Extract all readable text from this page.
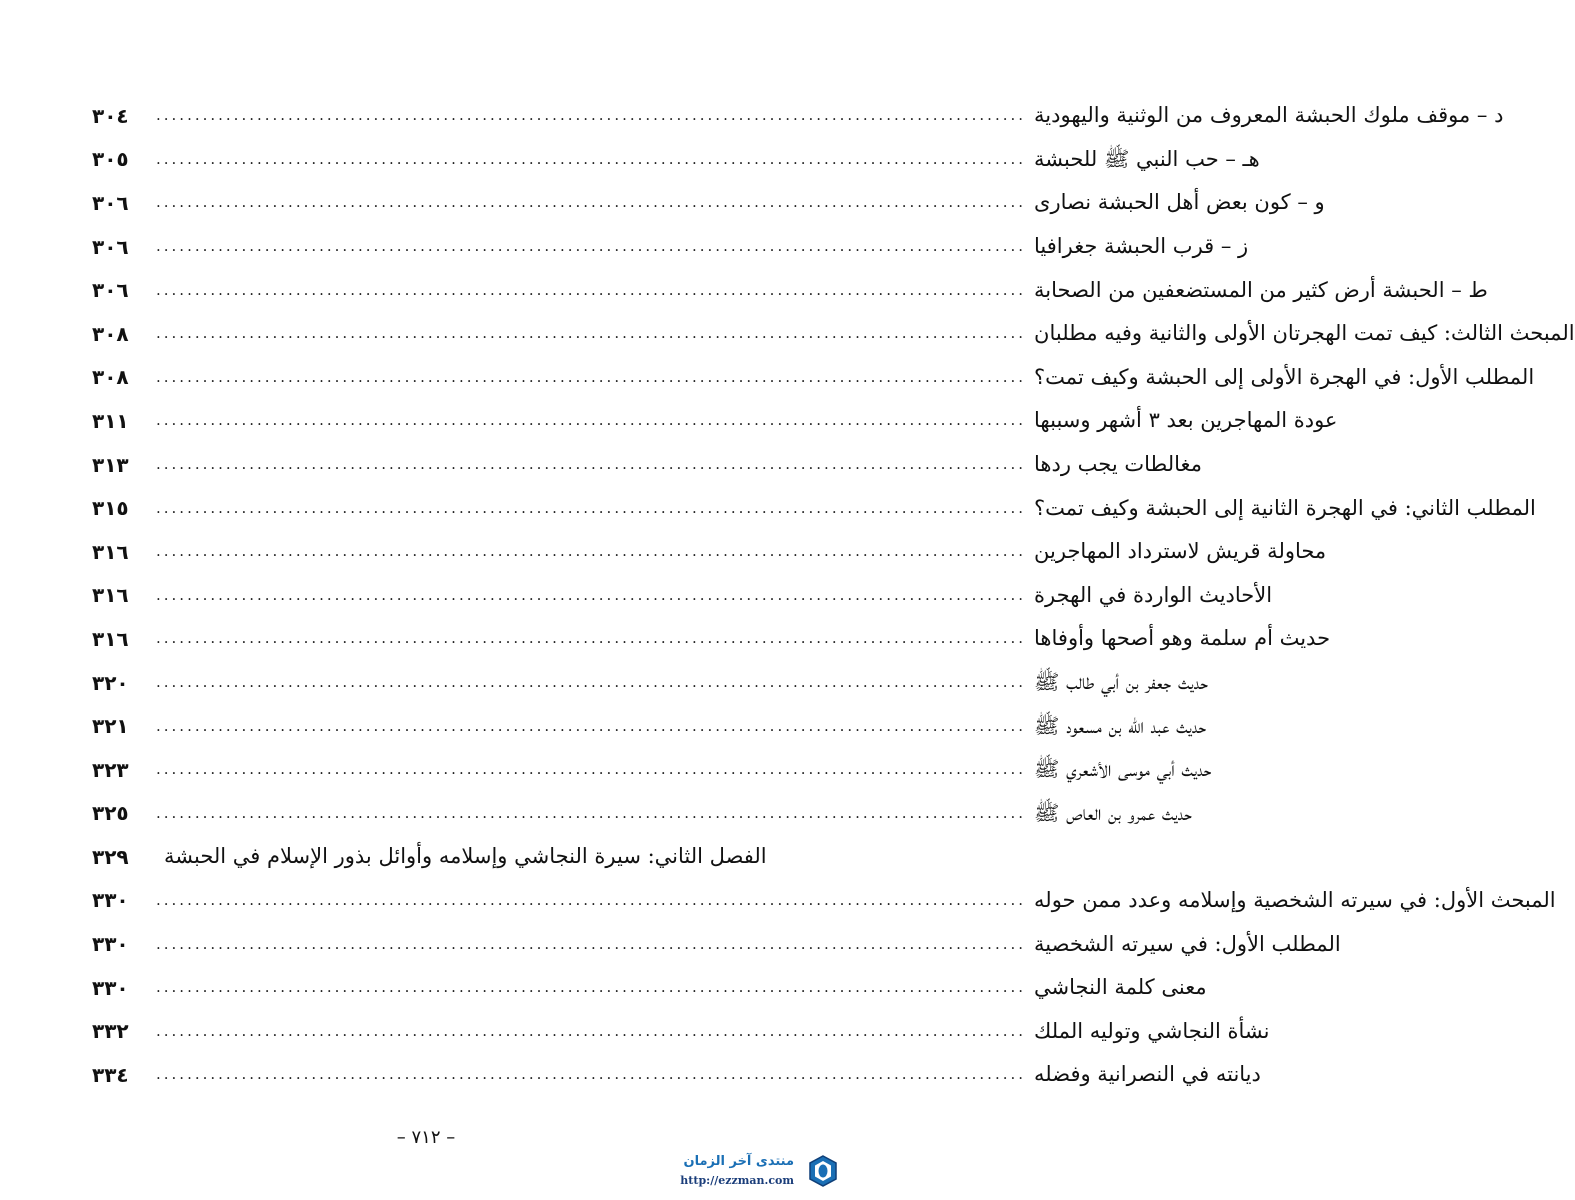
٣٠٤	................................................................................................................ د – موقف ملوك الحبشة المعروف من الوثنية واليهودية
٣٠٥	................................................................................................................ هـ – حب النبي ﷺ للحبشة
٣٠٦	................................................................................................................ و – كون بعض أهل الحبشة نصارى
٣٠٦	................................................................................................................ ز – قرب الحبشة جغرافيا
٣٠٦	................................................................................................................ ط – الحبشة أرض كثير من المستضعفين من الصحابة
٣٠٨	................................................................................................................ المبحث الثالث: كيف تمت الهجرتان الأولى والثانية وفيه مطلبان
٣٠٨	................................................................................................................ المطلب الأول: في الهجرة الأولى إلى الحبشة وكيف تمت؟
٣١١	................................................................................................................ عودة المهاجرين بعد ٣ أشهر وسببها
٣١٣	................................................................................................................ مغالطات يجب ردها
٣١٥	................................................................................................................ المطلب الثاني: في الهجرة الثانية إلى الحبشة وكيف تمت؟
٣١٦	................................................................................................................ محاولة قريش لاسترداد المهاجرين
٣١٦	................................................................................................................ الأحاديث الواردة في الهجرة
٣١٦	................................................................................................................ حديث أم سلمة وهو أصحها وأوفاها
٣٢٠	................................................................................................................ حديث جعفر بن أبي طالب ﷺ
٣٢١	................................................................................................................ حديث عبد الله بن مسعود ﷺ
٣٢٣	................................................................................................................ حديث أبي موسى الأشعري ﷺ
٣٢٥	................................................................................................................ حديث عمرو بن العاص ﷺ
٣٢٩	الفصل الثاني: سيرة النجاشي وإسلامه وأوائل بذور الإسلام في الحبشة
٣٣٠	................................................................................................................ المبحث الأول: في سيرته الشخصية وإسلامه وعدد ممن حوله
٣٣٠	................................................................................................................ المطلب الأول: في سيرته الشخصية
٣٣٠	................................................................................................................ معنى كلمة النجاشي
٣٣٢	................................................................................................................ نشأة النجاشي وتوليه الملك
٣٣٤	................................................................................................................ ديانته في النصرانية وفضله
– ٧١٢ –
منتدى آخر الزمان
http://ezzman.com
